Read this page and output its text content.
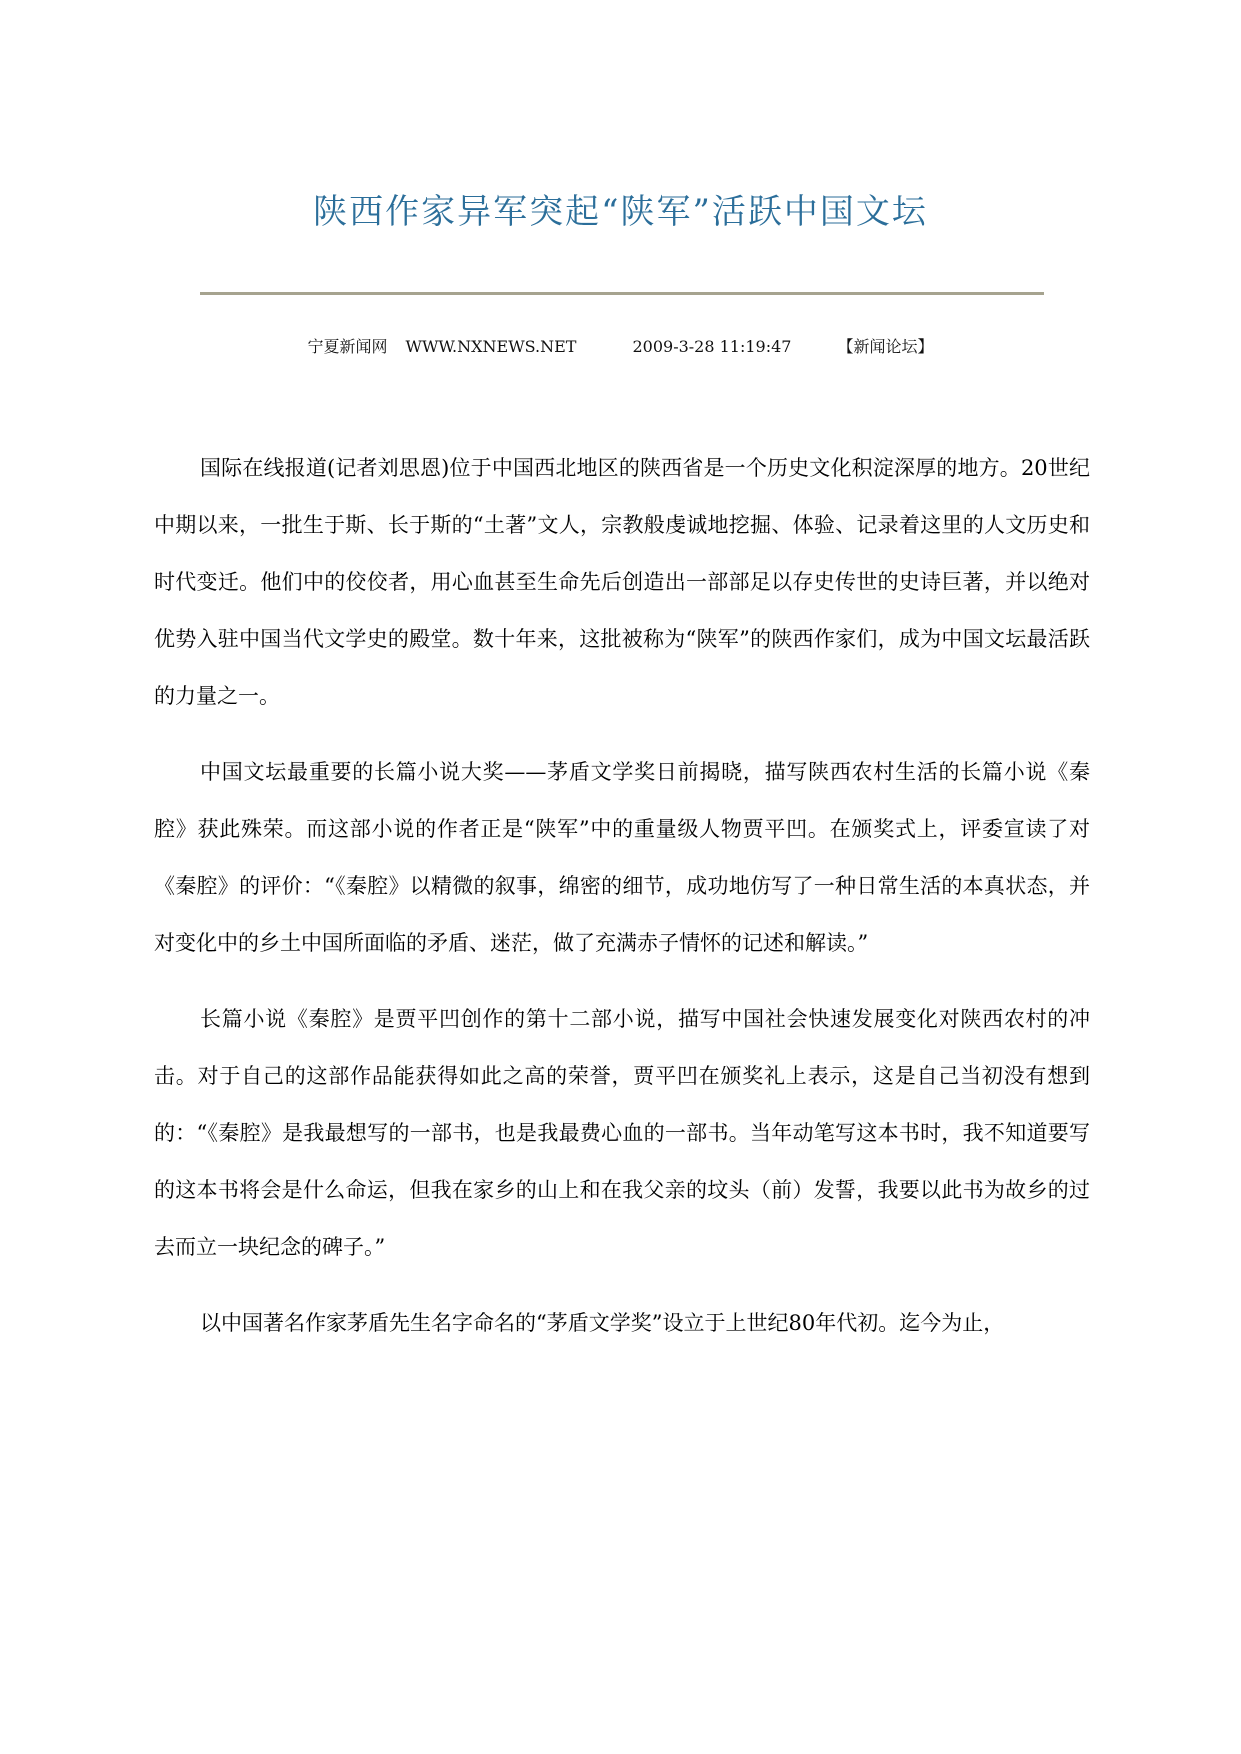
陕西作家异军突起“陕军”活跃中国文坛
宁夏新闻网 WWW.NXNEWS.NET	2009-3-28 11:19:47	【新闻论坛】

国际在线报道(记者刘思恩)位于中国西北地区的陕西省是一个历史文化积淀深厚的地方。20世纪中期以来，一批生于斯、长于斯的“土著”文人，宗教般虔诚地挖掘、体验、记录着这里的人文历史和时代变迁。他们中的佼佼者，用心血甚至生命先后创造出一部部足以存史传世的史诗巨著，并以绝对优势入驻中国当代文学史的殿堂。数十年来，这批被称为“陕军”的陕西作家们，成为中国文坛最活跃的力量之一。

中国文坛最重要的长篇小说大奖——茅盾文学奖日前揭晓，描写陕西农村生活的长篇小说《秦腔》获此殊荣。而这部小说的作者正是“陕军”中的重量级人物贾平凹。在颁奖式上，评委宣读了对《秦腔》的评价：“《秦腔》以精微的叙事，绵密的细节，成功地仿写了一种日常生活的本真状态，并对变化中的乡土中国所面临的矛盾、迷茫，做了充满赤子情怀的记述和解读。”

长篇小说《秦腔》是贾平凹创作的第十二部小说，描写中国社会快速发展变化对陕西农村的冲击。对于自己的这部作品能获得如此之高的荣誉，贾平凹在颁奖礼上表示，这是自己当初没有想到的：“《秦腔》是我最想写的一部书，也是我最费心血的一部书。当年动笔写这本书时，我不知道要写的这本书将会是什么命运，但我在家乡的山上和在我父亲的坟头（前）发誓，我要以此书为故乡的过去而立一块纪念的碑子。”

以中国著名作家茅盾先生名字命名的“茅盾文学奖”设立于上世纪80年代初。迄今为止，
